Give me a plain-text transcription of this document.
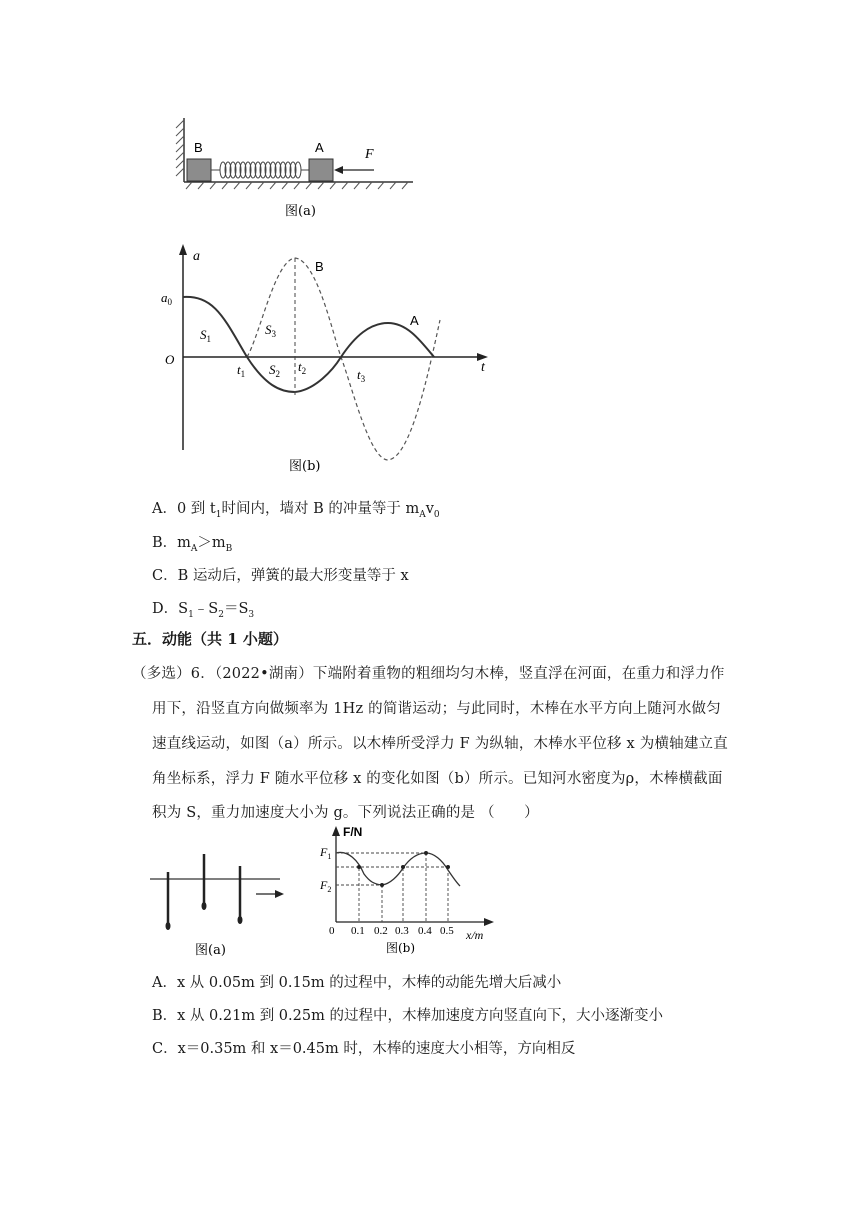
B	A	F
图(a)
a
t
O
$a_0$
B
A
$S_1$
$S_3$
$S_2$
$t_1$	$t_2$	$t_3$
图(b)
A．0 到 $t_1$时间内，墙对 B 的冲量等于 $m_Av_0$
B．$m_A>m_B$
C．B 运动后，弹簧的最大形变量等于 x
D．$S_1﹣S_2=S_3$
五．动能（共 1 小题）
（多选）6．（2022•湖南）下端附着重物的粗细均匀木棒，竖直浮在河面，在重力和浮力作
用下，沿竖直方向做频率为 1Hz 的简谐运动；与此同时，木棒在水平方向上随河水做匀
速直线运动，如图（a）所示。以木棒所受浮力 F 为纵轴，木棒水平位移 x 为横轴建立直
角坐标系，浮力 F 随水平位移 x 的变化如图（b）所示。已知河水密度为ρ，木棒横截面
积为 S，重力加速度大小为 g。下列说法正确的是 （　　）
图(a)
F/N
$F_1$
$F_2$
0 0.1 0.2 0.3 0.4 0.5 x/m
图(b)
A．x 从 0.05m 到 0.15m 的过程中，木棒的动能先增大后减小
B．x 从 0.21m 到 0.25m 的过程中，木棒加速度方向竖直向下，大小逐渐变小
C．x＝0.35m 和 x＝0.45m 时，木棒的速度大小相等，方向相反
